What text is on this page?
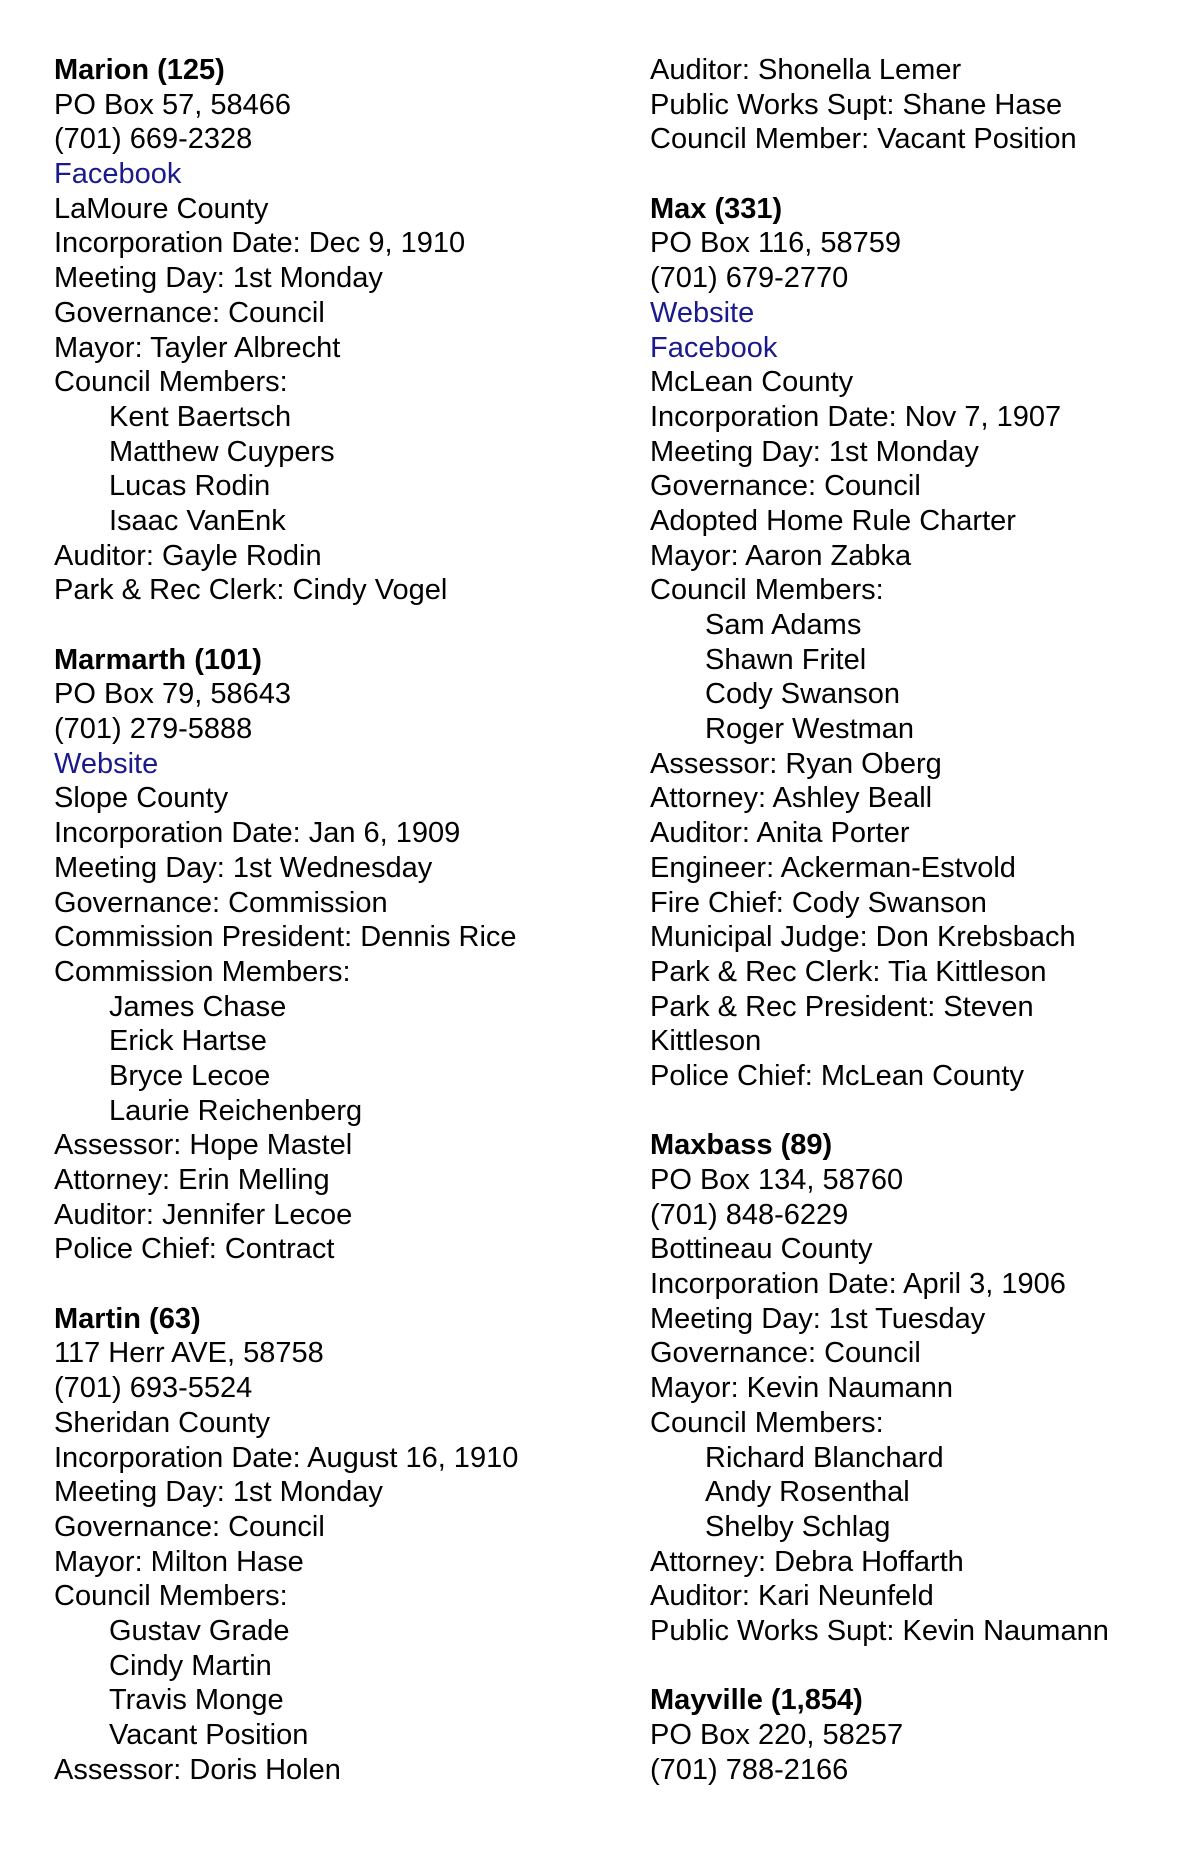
Marion (125)
PO Box 57, 58466
(701) 669-2328
Facebook
LaMoure County
Incorporation Date: Dec 9, 1910
Meeting Day: 1st Monday
Governance: Council
Mayor: Tayler Albrecht
Council Members:
Kent Baertsch
Matthew Cuypers
Lucas Rodin
Isaac VanEnk
Auditor: Gayle Rodin
Park & Rec Clerk: Cindy Vogel
Marmarth (101)
PO Box 79, 58643
(701) 279-5888
Website
Slope County
Incorporation Date: Jan 6, 1909
Meeting Day: 1st Wednesday
Governance: Commission
Commission President: Dennis Rice
Commission Members:
James Chase
Erick Hartse
Bryce Lecoe
Laurie Reichenberg
Assessor: Hope Mastel
Attorney: Erin Melling
Auditor: Jennifer Lecoe
Police Chief: Contract
Martin (63)
117 Herr AVE, 58758
(701) 693-5524
Sheridan County
Incorporation Date: August 16, 1910
Meeting Day: 1st Monday
Governance: Council
Mayor: Milton Hase
Council Members:
Gustav Grade
Cindy Martin
Travis Monge
Vacant Position
Assessor: Doris Holen
Auditor: Shonella Lemer
Public Works Supt: Shane Hase
Council Member: Vacant Position
Max (331)
PO Box 116, 58759
(701) 679-2770
Website
Facebook
McLean County
Incorporation Date: Nov 7, 1907
Meeting Day: 1st Monday
Governance: Council
Adopted Home Rule Charter
Mayor: Aaron Zabka
Council Members:
Sam Adams
Shawn Fritel
Cody Swanson
Roger Westman
Assessor: Ryan Oberg
Attorney: Ashley Beall
Auditor: Anita Porter
Engineer: Ackerman-Estvold
Fire Chief: Cody Swanson
Municipal Judge: Don Krebsbach
Park & Rec Clerk: Tia Kittleson
Park & Rec President: Steven
Kittleson
Police Chief: McLean County
Maxbass (89)
PO Box 134, 58760
(701) 848-6229
Bottineau County
Incorporation Date: April 3, 1906
Meeting Day: 1st Tuesday
Governance: Council
Mayor: Kevin Naumann
Council Members:
Richard Blanchard
Andy Rosenthal
Shelby Schlag
Attorney: Debra Hoffarth
Auditor: Kari Neunfeld
Public Works Supt: Kevin Naumann
Mayville (1,854)
PO Box 220, 58257
(701) 788-2166
